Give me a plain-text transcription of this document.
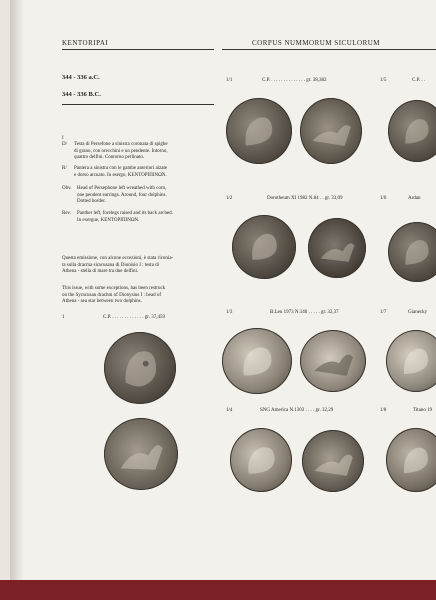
KENTORIPAI	CORPUS NUMMORUM SICULORUM
344 - 336 a.C.
344 - 336 B.C.
I
D/ Testa di Persefone a sinistra coronata di spighe
di grano, con orecchini e un pendente. Intorno,
quattro delfini. Contorno perlinato.
R/ Pantera a sinistra con le gambe anteriori alzate
e dorso arcuato. In esergo, KENTOPIΠINΩN.
Obv. Head of Persephone left wreathed with corn,
one pendent earrings. Around, four dolphins.
Dotted border.
Rev. Panther left, forelegs raised and its back arched.
In exergue, KENTOPIΠINΩN.
Questa emissione, con alcune eccezioni, è stata riconia-
ta sulla dracma siracusana di Dionisio I : testa di
Athena - stella di mare tra due delfini.
This issue, with some exceptions, has been restruck
on the Syracusan drachm of Dionysius I : head of
Athena - sea star between two dolphins.
1	C.P. . . . . . . . . . . . . . gr. 37,459
1/1	C.P. . . . . . . . . . . . . . . gr. 38,382	1/5	C.P. . .
1/2	Dorotheum XI 1982 N.84 . . gr. 33,09	1/6	Ardan
1/3	B.Leu 1973 N.140 . . . . . gr. 32,37	1/7	Gianecky
1/4	SNG America N.1303 . . . . gr. 32,29	1/8	Titano 19
